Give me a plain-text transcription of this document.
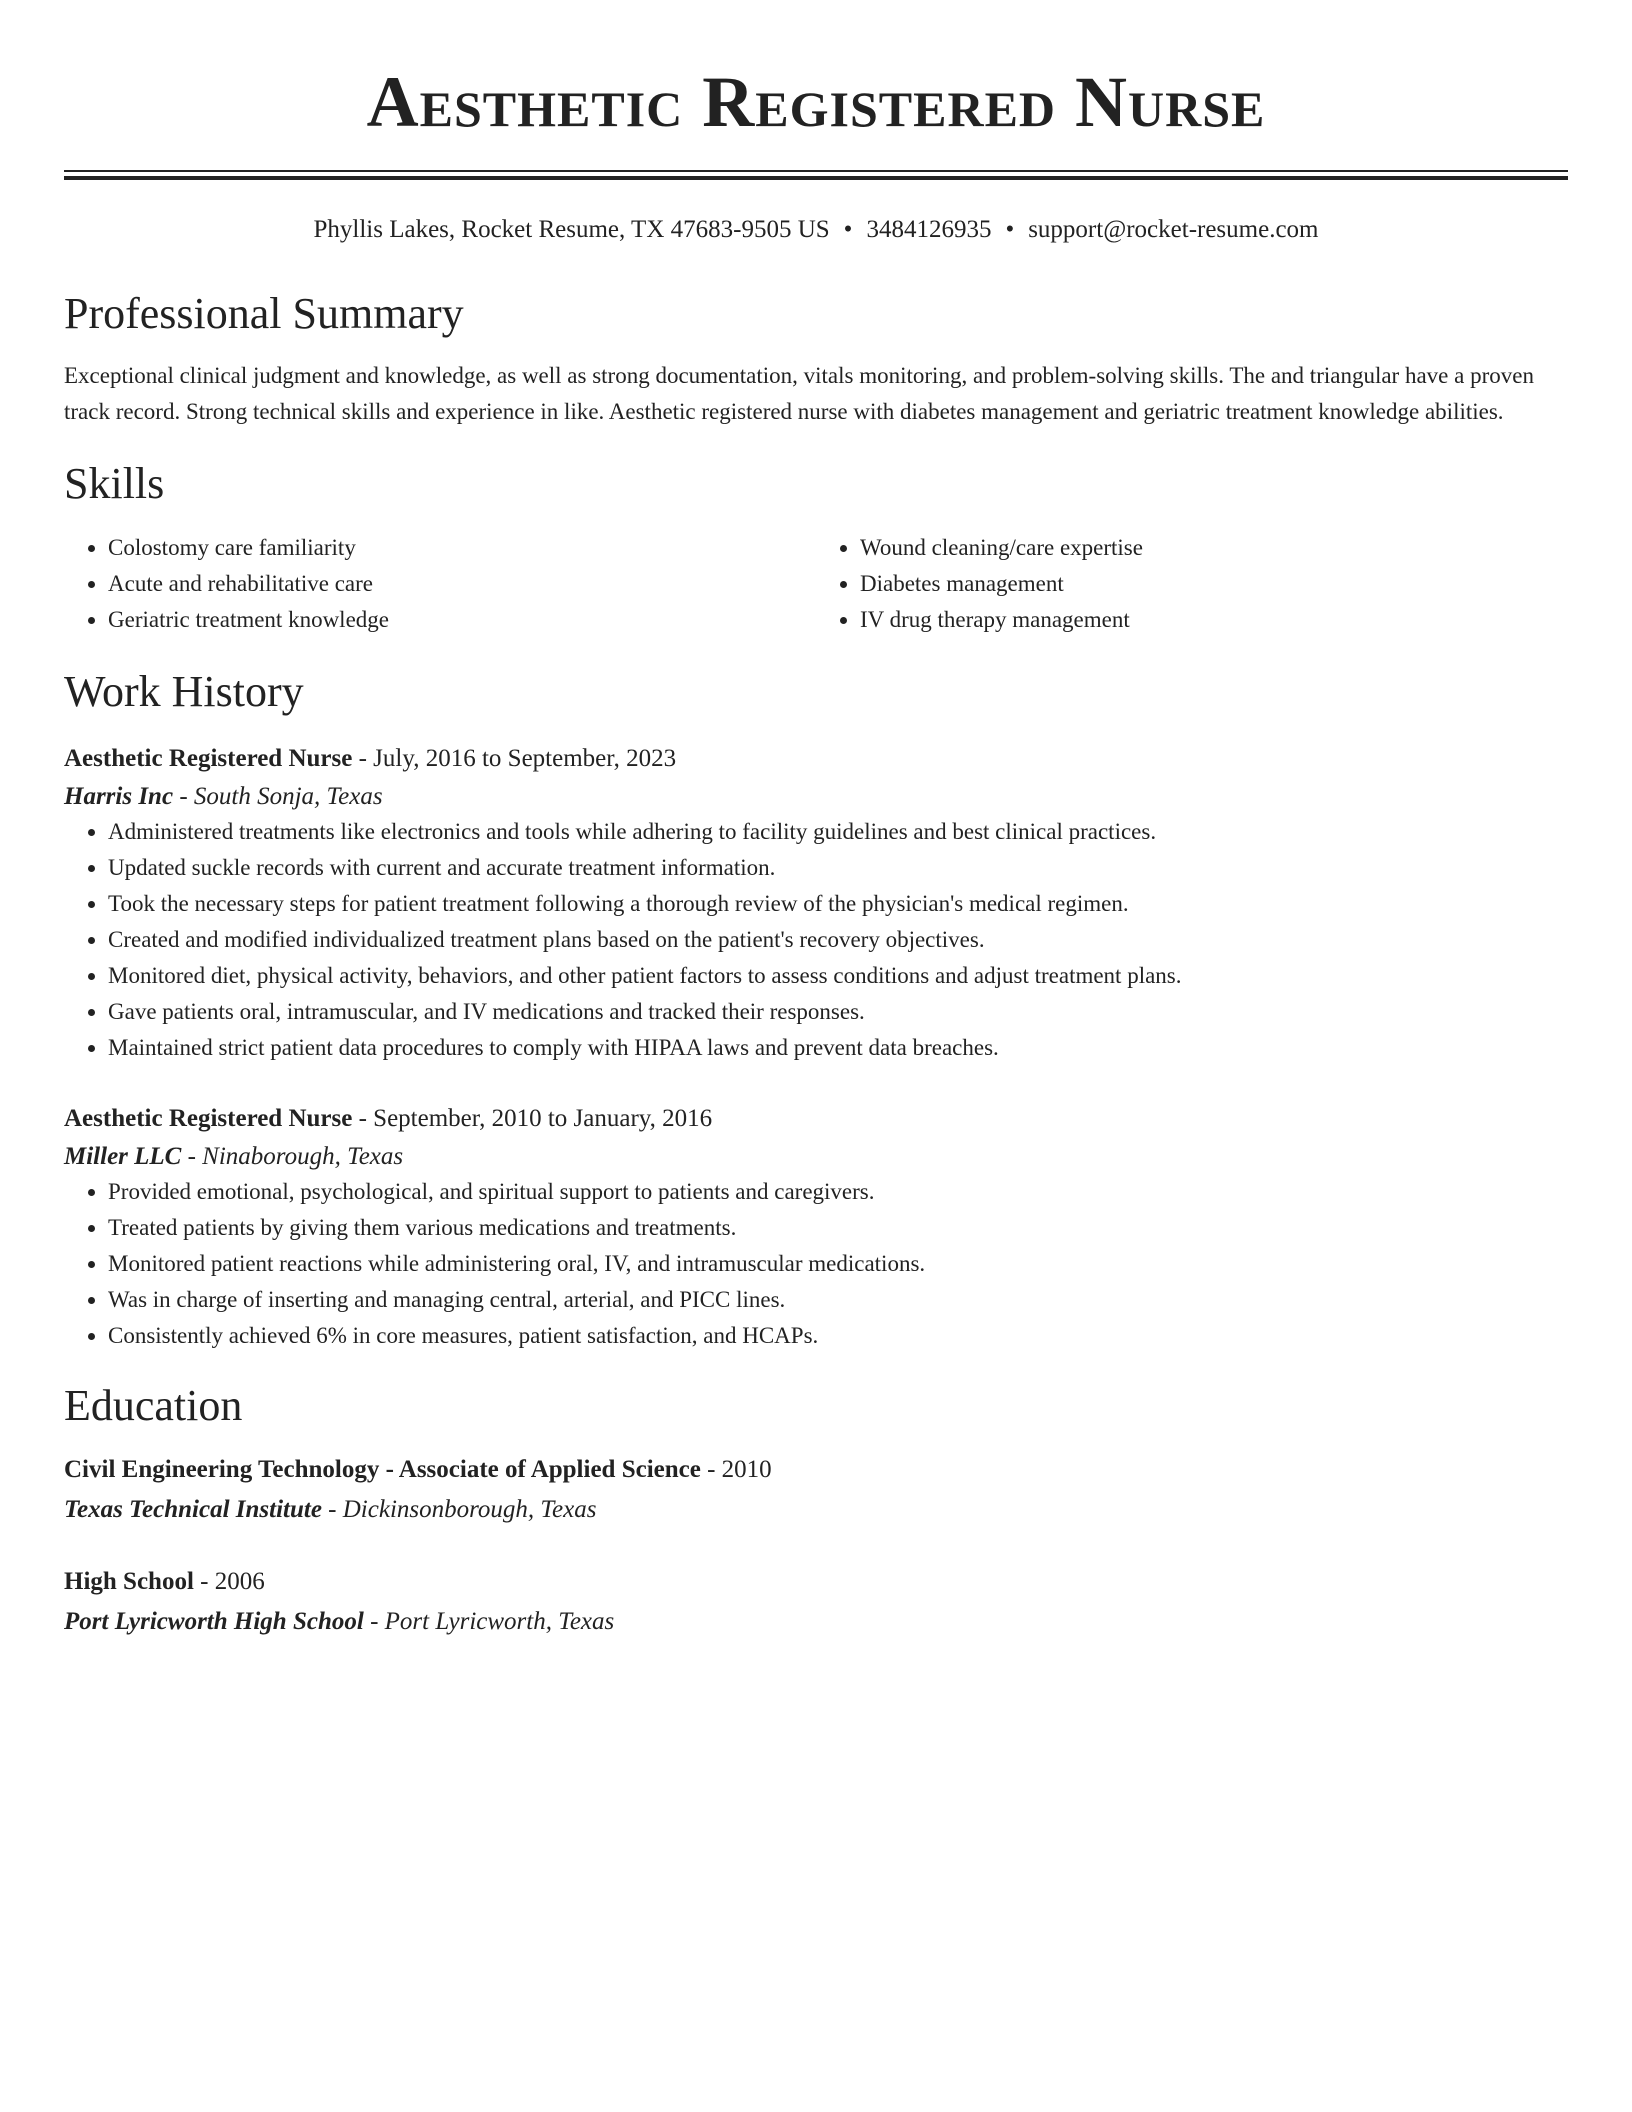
Aesthetic Registered Nurse
Phyllis Lakes, Rocket Resume, TX 47683-9505 US • 3484126935 • support@rocket-resume.com
Professional Summary
Exceptional clinical judgment and knowledge, as well as strong documentation, vitals monitoring, and problem-solving skills. The and triangular have a proven track record. Strong technical skills and experience in like. Aesthetic registered nurse with diabetes management and geriatric treatment knowledge abilities.
Skills
• Colostomy care familiarity
• Acute and rehabilitative care
• Geriatric treatment knowledge
• Wound cleaning/care expertise
• Diabetes management
• IV drug therapy management
Work History
Aesthetic Registered Nurse - July, 2016 to September, 2023
Harris Inc - South Sonja, Texas
• Administered treatments like electronics and tools while adhering to facility guidelines and best clinical practices.
• Updated suckle records with current and accurate treatment information.
• Took the necessary steps for patient treatment following a thorough review of the physician's medical regimen.
• Created and modified individualized treatment plans based on the patient's recovery objectives.
• Monitored diet, physical activity, behaviors, and other patient factors to assess conditions and adjust treatment plans.
• Gave patients oral, intramuscular, and IV medications and tracked their responses.
• Maintained strict patient data procedures to comply with HIPAA laws and prevent data breaches.
Aesthetic Registered Nurse - September, 2010 to January, 2016
Miller LLC - Ninaborough, Texas
• Provided emotional, psychological, and spiritual support to patients and caregivers.
• Treated patients by giving them various medications and treatments.
• Monitored patient reactions while administering oral, IV, and intramuscular medications.
• Was in charge of inserting and managing central, arterial, and PICC lines.
• Consistently achieved 6% in core measures, patient satisfaction, and HCAPs.
Education
Civil Engineering Technology - Associate of Applied Science - 2010
Texas Technical Institute - Dickinsonborough, Texas
High School - 2006
Port Lyricworth High School - Port Lyricworth, Texas
